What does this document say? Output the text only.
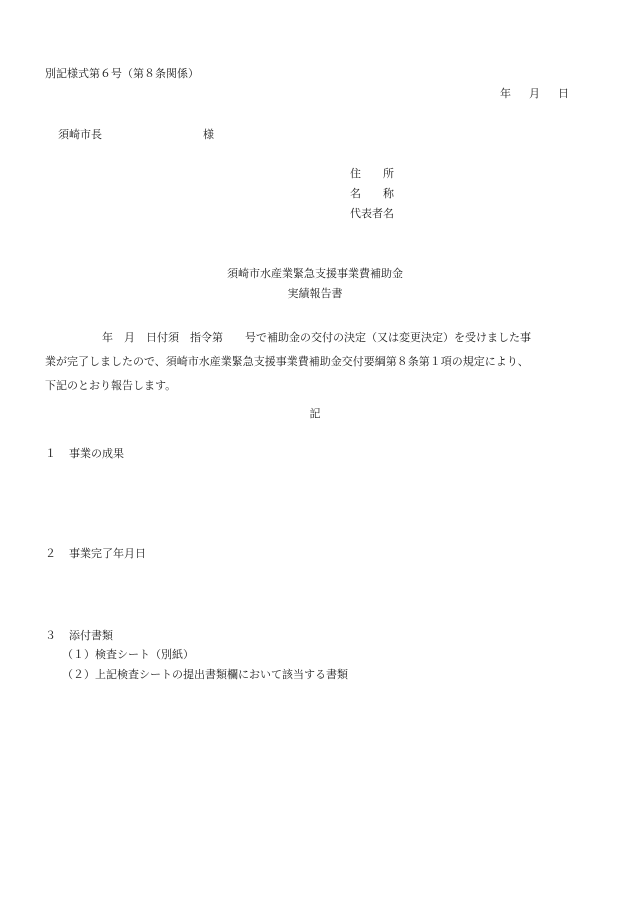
別記様式第６号（第８条関係）
年 月 日
須崎市長	様
住　　所
名　　称
代表者名
須崎市水産業緊急支援事業費補助金
実績報告書
年　月　日付須　指令第　　号で補助金の交付の決定（又は変更決定）を受けました事
業が完了しましたので、須崎市水産業緊急支援事業費補助金交付要綱第８条第１項の規定により、
下記のとおり報告します。
記
１ 事業の成果
２ 事業完了年月日
３ 添付書類
（１）検査シート（別紙）
（２）上記検査シートの提出書類欄において該当する書類
